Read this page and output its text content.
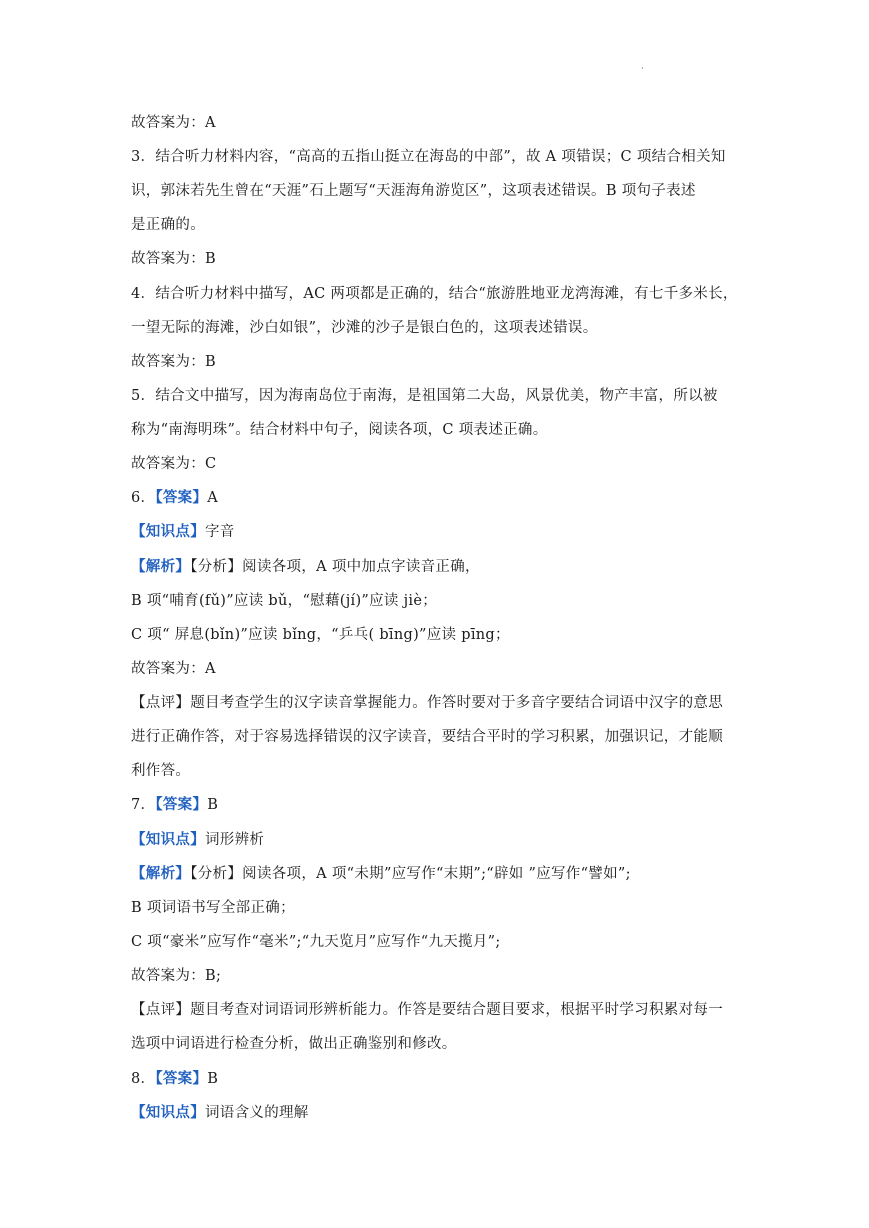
·
故答案为：A
3．结合听力材料内容，“高高的五指山挺立在海岛的中部”，故 A 项错误；C 项结合相关知
识，郭沫若先生曾在“天涯”石上题写“天涯海角游览区”，这项表述错误。B 项句子表述
是正确的。
故答案为：B
4．结合听力材料中描写，AC 两项都是正确的，结合“旅游胜地亚龙湾海滩，有七千多米长，
一望无际的海滩，沙白如银”，沙滩的沙子是银白色的，这项表述错误。
故答案为：B
5．结合文中描写，因为海南岛位于南海，是祖国第二大岛，风景优美，物产丰富，所以被
称为“南海明珠”。结合材料中句子，阅读各项，C 项表述正确。
故答案为：C
6．【答案】A
【知识点】字音
【解析】【分析】阅读各项，A 项中加点字读音正确，
B 项“哺育(fǔ)”应读 bǔ，“慰藉(jí)”应读 jiè；
C 项“ 屏息(bǐn)”应读 bǐng，“乒乓( bīng)”应读 pīng；
故答案为：A
【点评】题目考查学生的汉字读音掌握能力。作答时要对于多音字要结合词语中汉字的意思
进行正确作答，对于容易选择错误的汉字读音，要结合平时的学习积累，加强识记，才能顺
利作答。
7．【答案】B
【知识点】词形辨析
【解析】【分析】阅读各项，A 项“未期”应写作“末期”;“辟如 ”应写作“譬如”;
B 项词语书写全部正确；
C 项“豪米”应写作“毫米”;“九天览月”应写作“九天揽月”;
故答案为：B;
【点评】题目考查对词语词形辨析能力。作答是要结合题目要求，根据平时学习积累对每一
选项中词语进行检查分析，做出正确鉴别和修改。
8．【答案】B
【知识点】词语含义的理解
